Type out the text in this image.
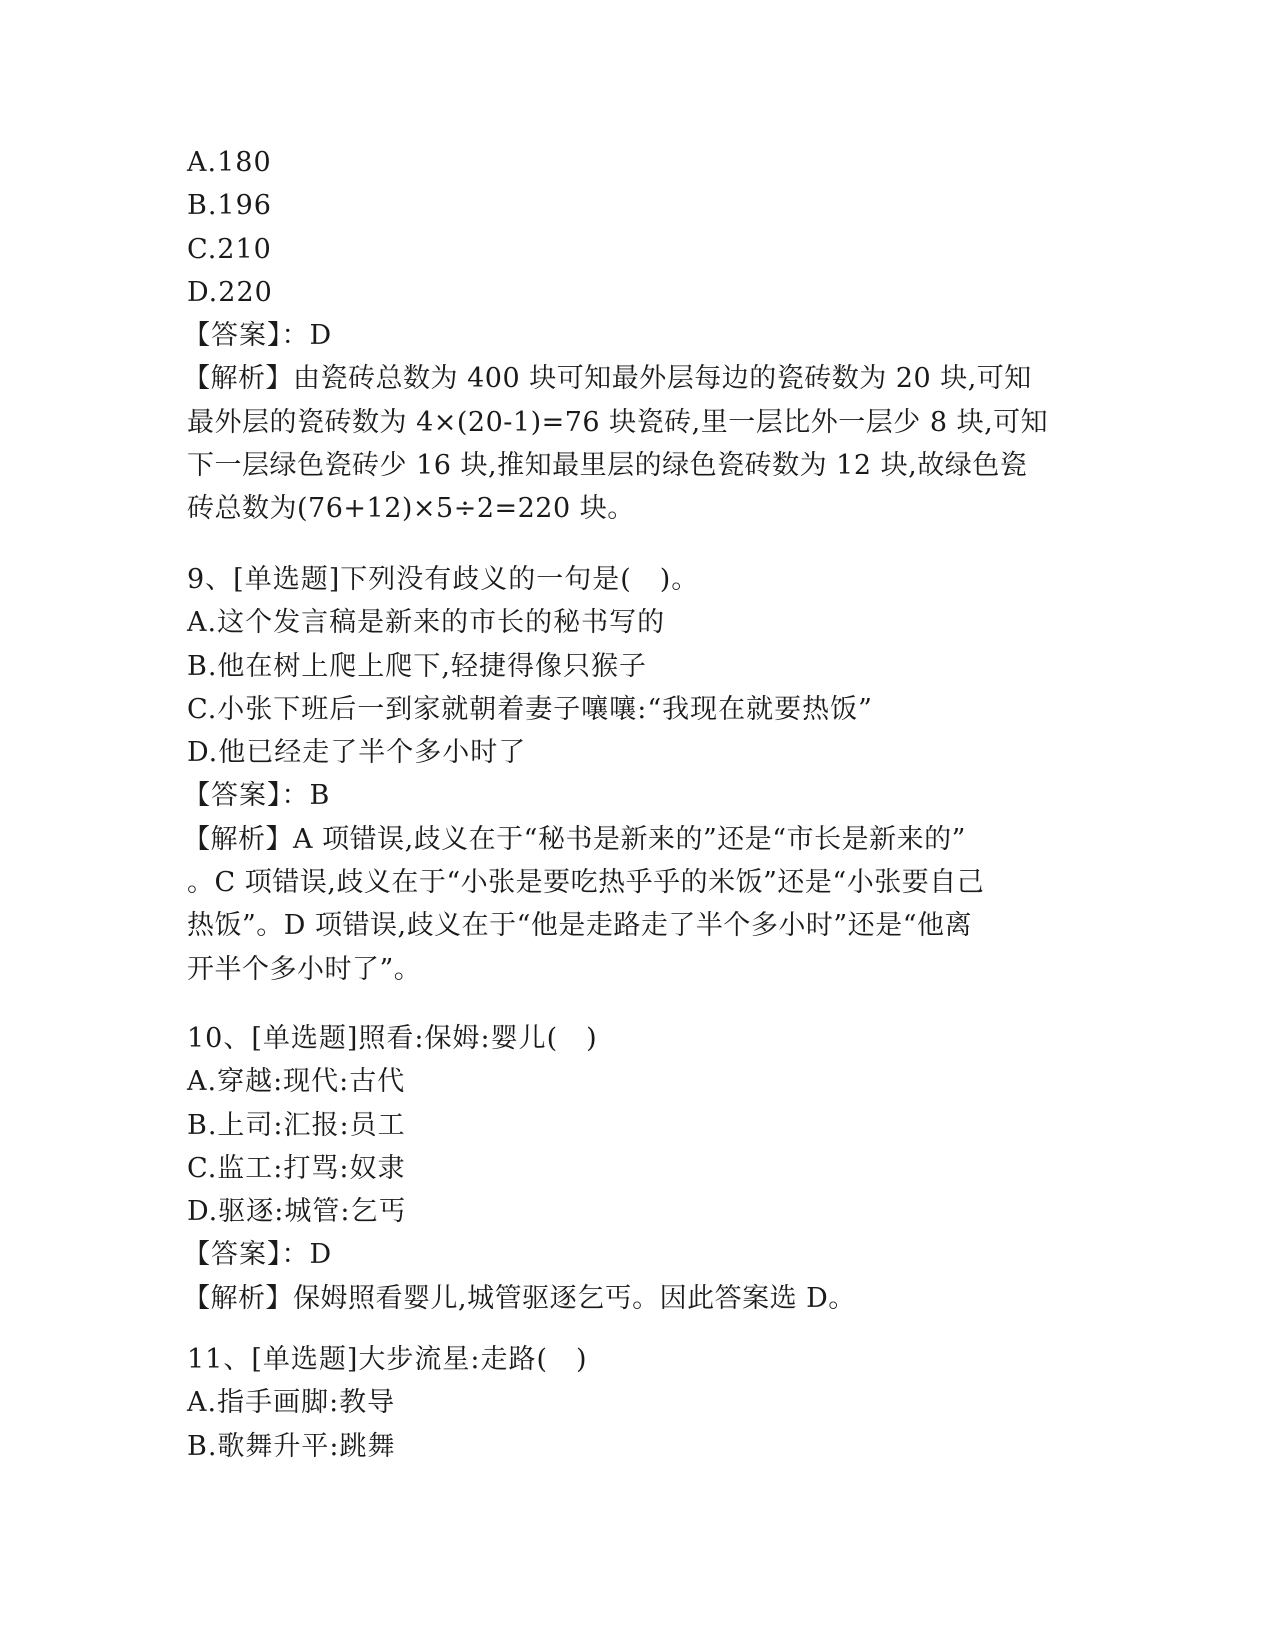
A.180
B.196
C.210
D.220
【答案】：D
【解析】由瓷砖总数为 400 块可知最外层每边的瓷砖数为 20 块,可知
最外层的瓷砖数为 4×(20-1)=76 块瓷砖,里一层比外一层少 8 块,可知
下一层绿色瓷砖少 16 块,推知最里层的绿色瓷砖数为 12 块,故绿色瓷
砖总数为(76+12)×5÷2=220 块。
9、[单选题]下列没有歧义的一句是(　)。
A.这个发言稿是新来的市长的秘书写的
B.他在树上爬上爬下,轻捷得像只猴子
C.小张下班后一到家就朝着妻子嚷嚷:“我现在就要热饭”
D.他已经走了半个多小时了
【答案】：B
【解析】A 项错误,歧义在于“秘书是新来的”还是“市长是新来的”
。C 项错误,歧义在于“小张是要吃热乎乎的米饭”还是“小张要自己
热饭”。D 项错误,歧义在于“他是走路走了半个多小时”还是“他离
开半个多小时了”。
10、[单选题]照看:保姆:婴儿(　)
A.穿越:现代:古代
B.上司:汇报:员工
C.监工:打骂:奴隶
D.驱逐:城管:乞丐
【答案】：D
【解析】保姆照看婴儿,城管驱逐乞丐。因此答案选 D。
11、[单选题]大步流星:走路(　)
A.指手画脚:教导
B.歌舞升平:跳舞
